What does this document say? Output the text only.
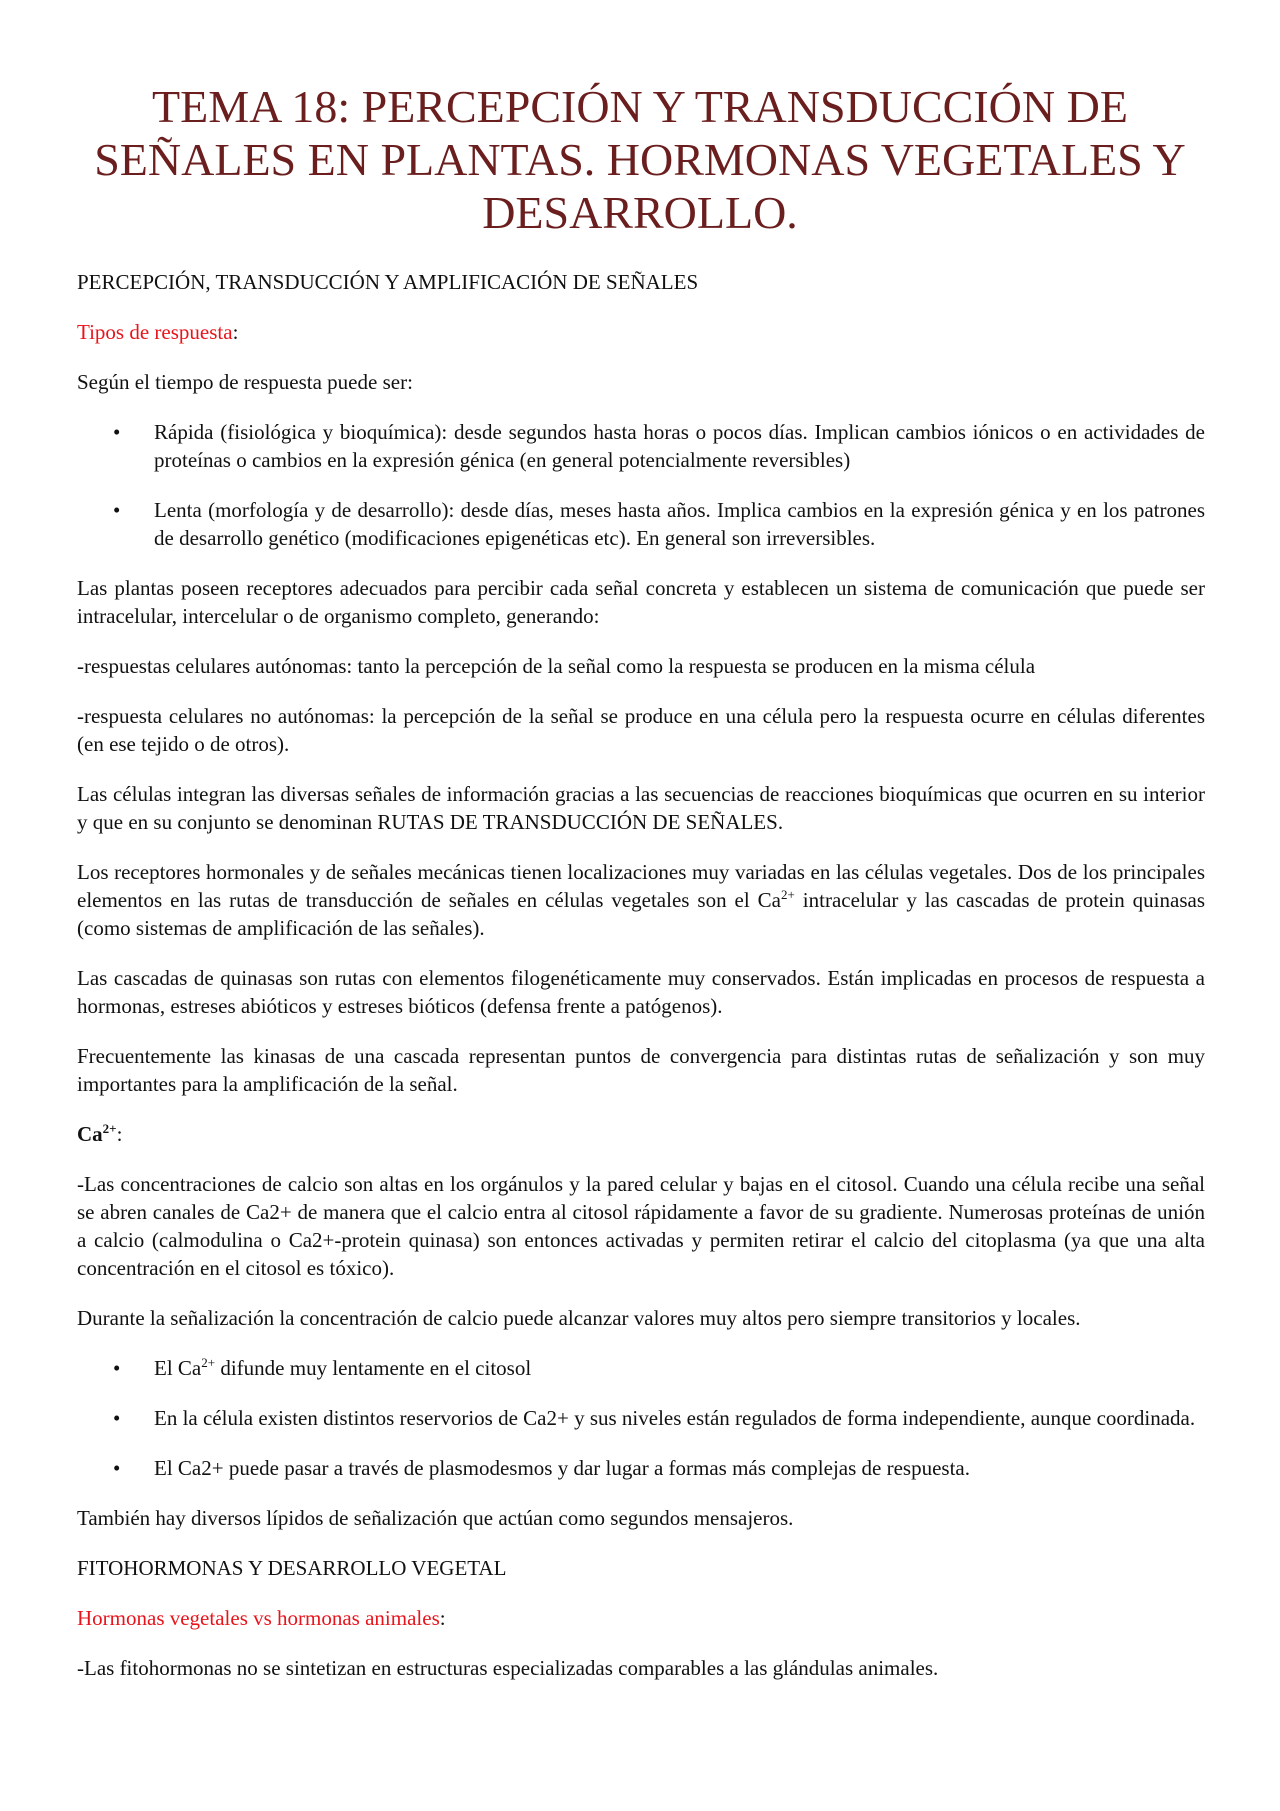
TEMA 18: PERCEPCIÓN Y TRANSDUCCIÓN DE SEÑALES EN PLANTAS. HORMONAS VEGETALES Y DESARROLLO.

PERCEPCIÓN, TRANSDUCCIÓN Y AMPLIFICACIÓN DE SEÑALES

Tipos de respuesta:

Según el tiempo de respuesta puede ser:

• Rápida (fisiológica y bioquímica): desde segundos hasta horas o pocos días. Implican cambios iónicos o en actividades de proteínas o cambios en la expresión génica (en general potencialmente reversibles)
• Lenta (morfología y de desarrollo): desde días, meses hasta años. Implica cambios en la expresión génica y en los patrones de desarrollo genético (modificaciones epigenéticas etc). En general son irreversibles.

Las plantas poseen receptores adecuados para percibir cada señal concreta y establecen un sistema de comunicación que puede ser intracelular, intercelular o de organismo completo, generando:

-respuestas celulares autónomas: tanto la percepción de la señal como la respuesta se producen en la misma célula

-respuesta celulares no autónomas: la percepción de la señal se produce en una célula pero la respuesta ocurre en células diferentes (en ese tejido o de otros).

Las células integran las diversas señales de información gracias a las secuencias de reacciones bioquímicas que ocurren en su interior y que en su conjunto se denominan RUTAS DE TRANSDUCCIÓN DE SEÑALES.

Los receptores hormonales y de señales mecánicas tienen localizaciones muy variadas en las células vegetales. Dos de los principales elementos en las rutas de transducción de señales en células vegetales son el $Ca^{2+}$ intracelular y las cascadas de protein quinasas (como sistemas de amplificación de las señales).

Las cascadas de quinasas son rutas con elementos filogenéticamente muy conservados. Están implicadas en procesos de respuesta a hormonas, estreses abióticos y estreses bióticos (defensa frente a patógenos).

Frecuentemente las kinasas de una cascada representan puntos de convergencia para distintas rutas de señalización y son muy importantes para la amplificación de la señal.

$Ca^{2+}$:

-Las concentraciones de calcio son altas en los orgánulos y la pared celular y bajas en el citosol. Cuando una célula recibe una señal se abren canales de Ca2+ de manera que el calcio entra al citosol rápidamente a favor de su gradiente. Numerosas proteínas de unión a calcio (calmodulina o Ca2+-protein quinasa) son entonces activadas y permiten retirar el calcio del citoplasma (ya que una alta concentración en el citosol es tóxico).

Durante la señalización la concentración de calcio puede alcanzar valores muy altos pero siempre transitorios y locales.

• El $Ca^{2+}$ difunde muy lentamente en el citosol
• En la célula existen distintos reservorios de Ca2+ y sus niveles están regulados de forma independiente, aunque coordinada.
• El Ca2+ puede pasar a través de plasmodesmos y dar lugar a formas más complejas de respuesta.

También hay diversos lípidos de señalización que actúan como segundos mensajeros.

FITOHORMONAS Y DESARROLLO VEGETAL

Hormonas vegetales vs hormonas animales:

-Las fitohormonas no se sintetizan en estructuras especializadas comparables a las glándulas animales.
